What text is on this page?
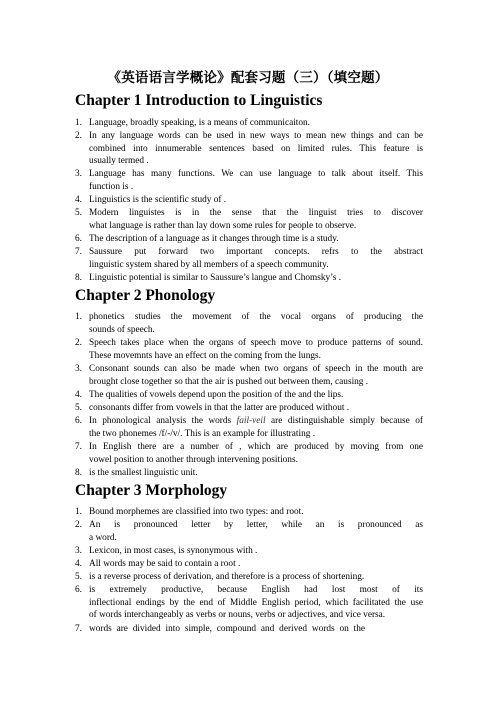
《英语语言学概论》配套习题（三）（填空题）
Chapter 1 Introduction to Linguistics
1. Language, broadly speaking, is a means of communicaiton.
2. In any language words can be used in new ways to mean new things and can be
combined into innumerable sentences based on limited rules. This feature is
usually termed .
3. Language has many functions. We can use language to talk about itself. This
function is .
4. Linguistics is the scientific study of .
5. Modern linguistes is in the sense that the linguist tries to discover
what language is rather than lay down some rules for people to observe.
6. The description of a language as it changes through time is a study.
7. Saussure put forward two important concepts. refrs to the abstract
linguistic system shared by all members of a speech community.
8. Linguistic potential is similar to Saussure’s langue and Chomsky’s .
Chapter 2 Phonology
1. phonetics studies the movement of the vocal organs of producing the
sounds of speech.
2. Speech takes place when the organs of speech move to produce patterns of sound.
These movemnts have an effect on the coming from the lungs.
3. Consonant sounds can also be made when two organs of speech in the mouth are
brought close together so that the air is pushed out between them, causing .
4. The qualities of vowels depend upon the position of the and the lips.
5. consonants differ from vowels in that the latter are produced without .
6. In phonological analysis the words fail-veil are distinguishable simply because of
the two phonemes /f/-/v/. This is an example for illustrating .
7. In English there are a number of , which are produced by moving from one
vowel position to another through intervening positions.
8. is the smallest linguistic unit.
Chapter 3 Morphology
1. Bound morphemes are classified into two types: and root.
2. An is pronounced letter by letter, while an is pronounced as
a word.
3. Lexicon, in most cases, is synonymous with .
4. All words may be said to contain a root .
5. is a reverse process of derivation, and therefore is a process of shortening.
6. is extremely productive, because English had lost most of its
inflectional endings by the end of Middle English period, which facilitated the use
of words interchangeably as verbs or nouns, verbs or adjectives, and vice versa.
7. words are divided into simple, compound and derived words on the
